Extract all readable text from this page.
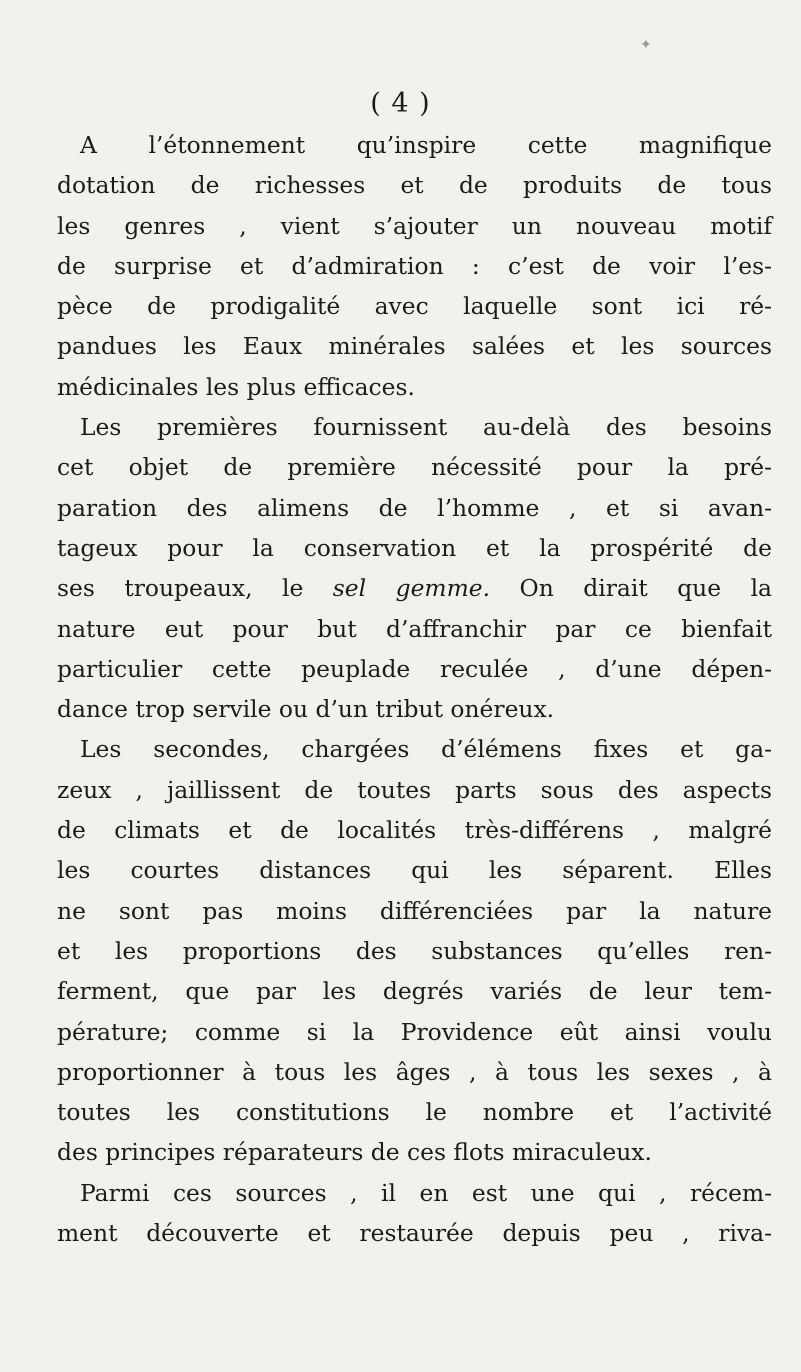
✦
( 4 )
A l’étonnement qu’inspire cette magnifique
dotation de richesses et de produits de tous
les genres , vient s’ajouter un nouveau motif
de surprise et d’admiration : c’est de voir l’es-
pèce de prodigalité avec laquelle sont ici ré-
pandues les Eaux minérales salées et les sources
médicinales les plus efficaces.
Les premières fournissent au-delà des besoins
cet objet de première nécessité pour la pré-
paration des alimens de l’homme , et si avan-
tageux pour la conservation et la prospérité de
ses troupeaux, le sel gemme. On dirait que la
nature eut pour but d’affranchir par ce bienfait
particulier cette peuplade reculée , d’une dépen-
dance trop servile ou d’un tribut onéreux.
Les secondes, chargées d’élémens fixes et ga-
zeux , jaillissent de toutes parts sous des aspects
de climats et de localités très-différens , malgré
les courtes distances qui les séparent. Elles
ne sont pas moins différenciées par la nature
et les proportions des substances qu’elles ren-
ferment, que par les degrés variés de leur tem-
pérature; comme si la Providence eût ainsi voulu
proportionner à tous les âges , à tous les sexes , à
toutes les constitutions le nombre et l’activité
des principes réparateurs de ces flots miraculeux.
Parmi ces sources , il en est une qui , récem-
ment découverte et restaurée depuis peu , riva-
